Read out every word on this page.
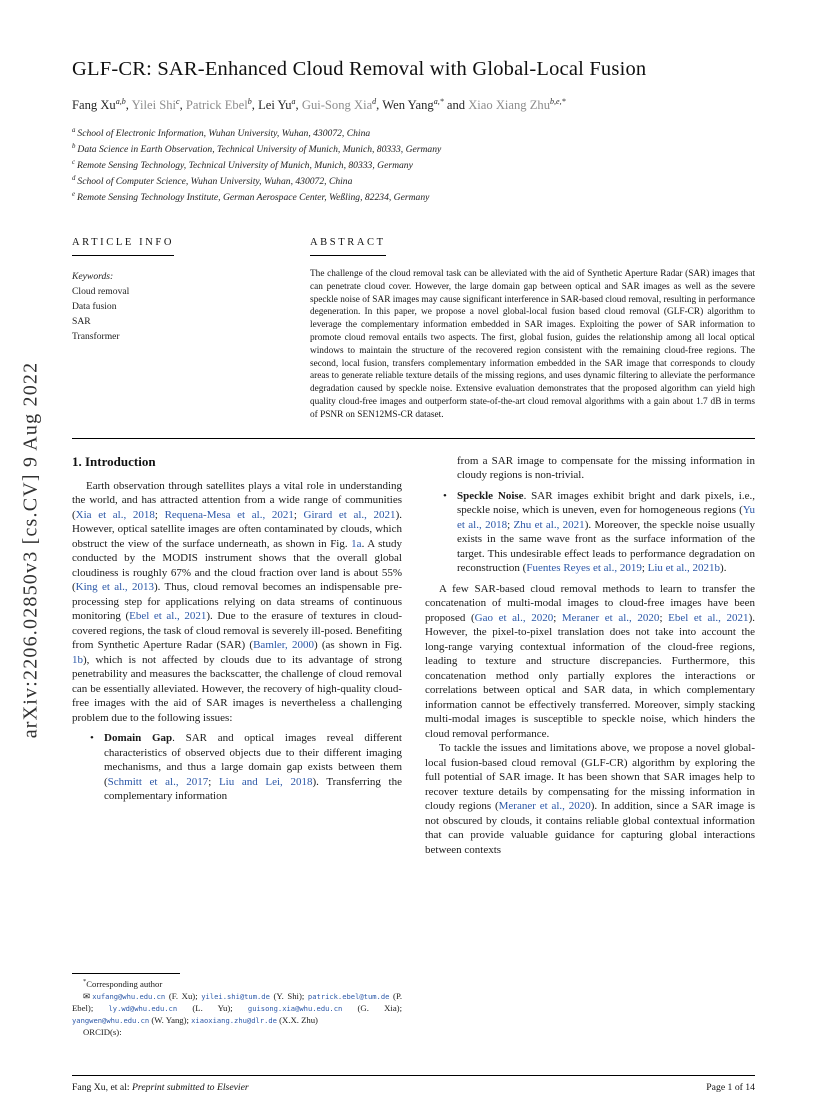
arXiv:2206.02850v3 [cs.CV] 9 Aug 2022
GLF-CR: SAR-Enhanced Cloud Removal with Global-Local Fusion
Fang Xu$^{a,b}$, Yilei Shi$^c$, Patrick Ebel$^b$, Lei Yu$^a$, Gui-Song Xia$^d$, Wen Yang$^{a,*}$ and Xiao Xiang Zhu$^{b,e,*}$
$^a$ School of Electronic Information, Wuhan University, Wuhan, 430072, China
$^b$ Data Science in Earth Observation, Technical University of Munich, Munich, 80333, Germany
$^c$ Remote Sensing Technology, Technical University of Munich, Munich, 80333, Germany
$^d$ School of Computer Science, Wuhan University, Wuhan, 430072, China
$^e$ Remote Sensing Technology Institute, German Aerospace Center, Weßling, 82234, Germany
ARTICLE INFO
Keywords:
Cloud removal
Data fusion
SAR
Transformer
ABSTRACT

The challenge of the cloud removal task can be alleviated with the aid of Synthetic Aperture Radar (SAR) images that can penetrate cloud cover. However, the large domain gap between optical and SAR images as well as the severe speckle noise of SAR images may cause significant interference in SAR-based cloud removal, resulting in performance degeneration. In this paper, we propose a novel global-local fusion based cloud removal (GLF-CR) algorithm to leverage the complementary information embedded in SAR images. Exploiting the power of SAR information to promote cloud removal entails two aspects. The first, global fusion, guides the relationship among all local optical windows to maintain the structure of the recovered region consistent with the remaining cloud-free regions. The second, local fusion, transfers complementary information embedded in the SAR image that corresponds to cloudy areas to generate reliable texture details of the missing regions, and uses dynamic filtering to alleviate the performance degradation caused by speckle noise. Extensive evaluation demonstrates that the proposed algorithm can yield high quality cloud-free images and outperform state-of-the-art cloud removal algorithms with a gain about 1.7 dB in terms of PSNR on SEN12MS-CR dataset.

1. Introduction
Earth observation through satellites plays a vital role in understanding the world, and has attracted attention from a wide range of communities (Xia et al., 2018; Requena-Mesa et al., 2021; Girard et al., 2021). However, optical satellite images are often contaminated by clouds, which obstruct the view of the surface underneath, as shown in Fig. 1a. A study conducted by the MODIS instrument shows that the overall global cloudiness is roughly 67% and the cloud fraction over land is about 55% (King et al., 2013). Thus, cloud removal becomes an indispensable pre-processing step for applications relying on data streams of continuous monitoring (Ebel et al., 2021). Due to the erasure of textures in cloud-covered regions, the task of cloud removal is severely ill-posed. Benefiting from Synthetic Aperture Radar (SAR) (Bamler, 2000) (as shown in Fig. 1b), which is not affected by clouds due to its advantage of strong penetrability and measures the backscatter, the challenge of cloud removal can be essentially alleviated. However, the recovery of high-quality cloud-free images with the aid of SAR images is nevertheless a challenging problem due to the following issues:
• Domain Gap. SAR and optical images reveal different characteristics of observed objects due to their different imaging mechanisms, and thus a large domain gap exists between them (Schmitt et al., 2017; Liu and Lei, 2018). Transferring the complementary information
*Corresponding author
✉ xufang@whu.edu.cn (F. Xu); yilei.shi@tum.de (Y. Shi); patrick.ebel@tum.de (P. Ebel); ly.wd@whu.edu.cn (L. Yu); guisong.xia@whu.edu.cn (G. Xia); yangwen@whu.edu.cn (W. Yang); xiaoxiang.zhu@dlr.de (X.X. Zhu)
ORCID(s):
from a SAR image to compensate for the missing information in cloudy regions is non-trivial.
• Speckle Noise. SAR images exhibit bright and dark pixels, i.e., speckle noise, which is uneven, even for homogeneous regions (Yu et al., 2018; Zhu et al., 2021). Moreover, the speckle noise usually exists in the same wave front as the surface information of the target. This undesirable effect leads to performance degradation on reconstruction (Fuentes Reyes et al., 2019; Liu et al., 2021b).
A few SAR-based cloud removal methods to learn to transfer the concatenation of multi-modal images to cloud-free images have been proposed (Gao et al., 2020; Meraner et al., 2020; Ebel et al., 2021). However, the pixel-to-pixel translation does not take into account the long-range varying contextual information of the cloud-free regions, leading to texture and structure discrepancies. Furthermore, this concatenation method only partially explores the interactions or correlations between optical and SAR data, in which complementary information cannot be effectively transferred. Moreover, simply stacking multi-modal images is susceptible to speckle noise, which hinders the cloud removal performance.
To tackle the issues and limitations above, we propose a novel global-local fusion-based cloud removal (GLF-CR) algorithm by exploring the full potential of SAR image. It has been shown that SAR images help to recover texture details by compensating for the missing information in cloudy regions (Meraner et al., 2020). In addition, since a SAR image is not obscured by clouds, it contains reliable global contextual information that can provide valuable guidance for capturing global interactions between contexts
Fang Xu, et al: Preprint submitted to Elsevier	Page 1 of 14
